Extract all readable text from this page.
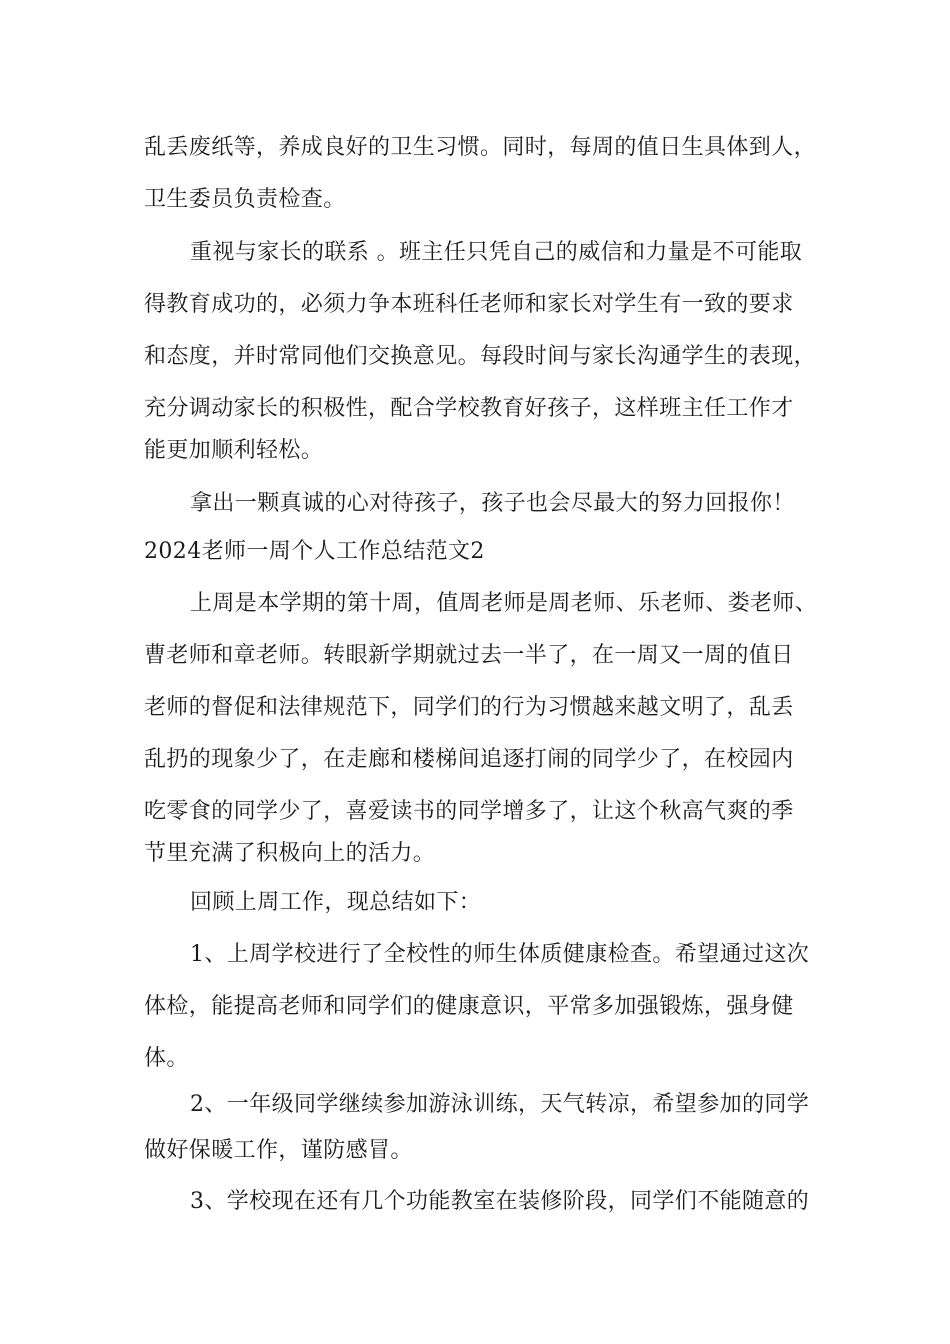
乱丢废纸等，养成良好的卫生习惯。同时，每周的值日生具体到人，
卫生委员负责检查。
重视与家长的联系 。班主任只凭自己的威信和力量是不可能取
得教育成功的，必须力争本班科任老师和家长对学生有一致的要求
和态度，并时常同他们交换意见。每段时间与家长沟通学生的表现，
充分调动家长的积极性，配合学校教育好孩子，这样班主任工作才
能更加顺利轻松。
拿出一颗真诚的心对待孩子，孩子也会尽最大的努力回报你！
2024老师一周个人工作总结范文2
上周是本学期的第十周，值周老师是周老师、乐老师、娄老师、
曹老师和章老师。转眼新学期就过去一半了，在一周又一周的值日
老师的督促和法律规范下，同学们的行为习惯越来越文明了，乱丢
乱扔的现象少了，在走廊和楼梯间追逐打闹的同学少了，在校园内
吃零食的同学少了，喜爱读书的同学增多了，让这个秋高气爽的季
节里充满了积极向上的活力。
回顾上周工作，现总结如下：
1、上周学校进行了全校性的师生体质健康检查。希望通过这次
体检，能提高老师和同学们的健康意识，平常多加强锻炼，强身健
体。
2、一年级同学继续参加游泳训练，天气转凉，希望参加的同学
做好保暖工作，谨防感冒。
3、学校现在还有几个功能教室在装修阶段，同学们不能随意的
